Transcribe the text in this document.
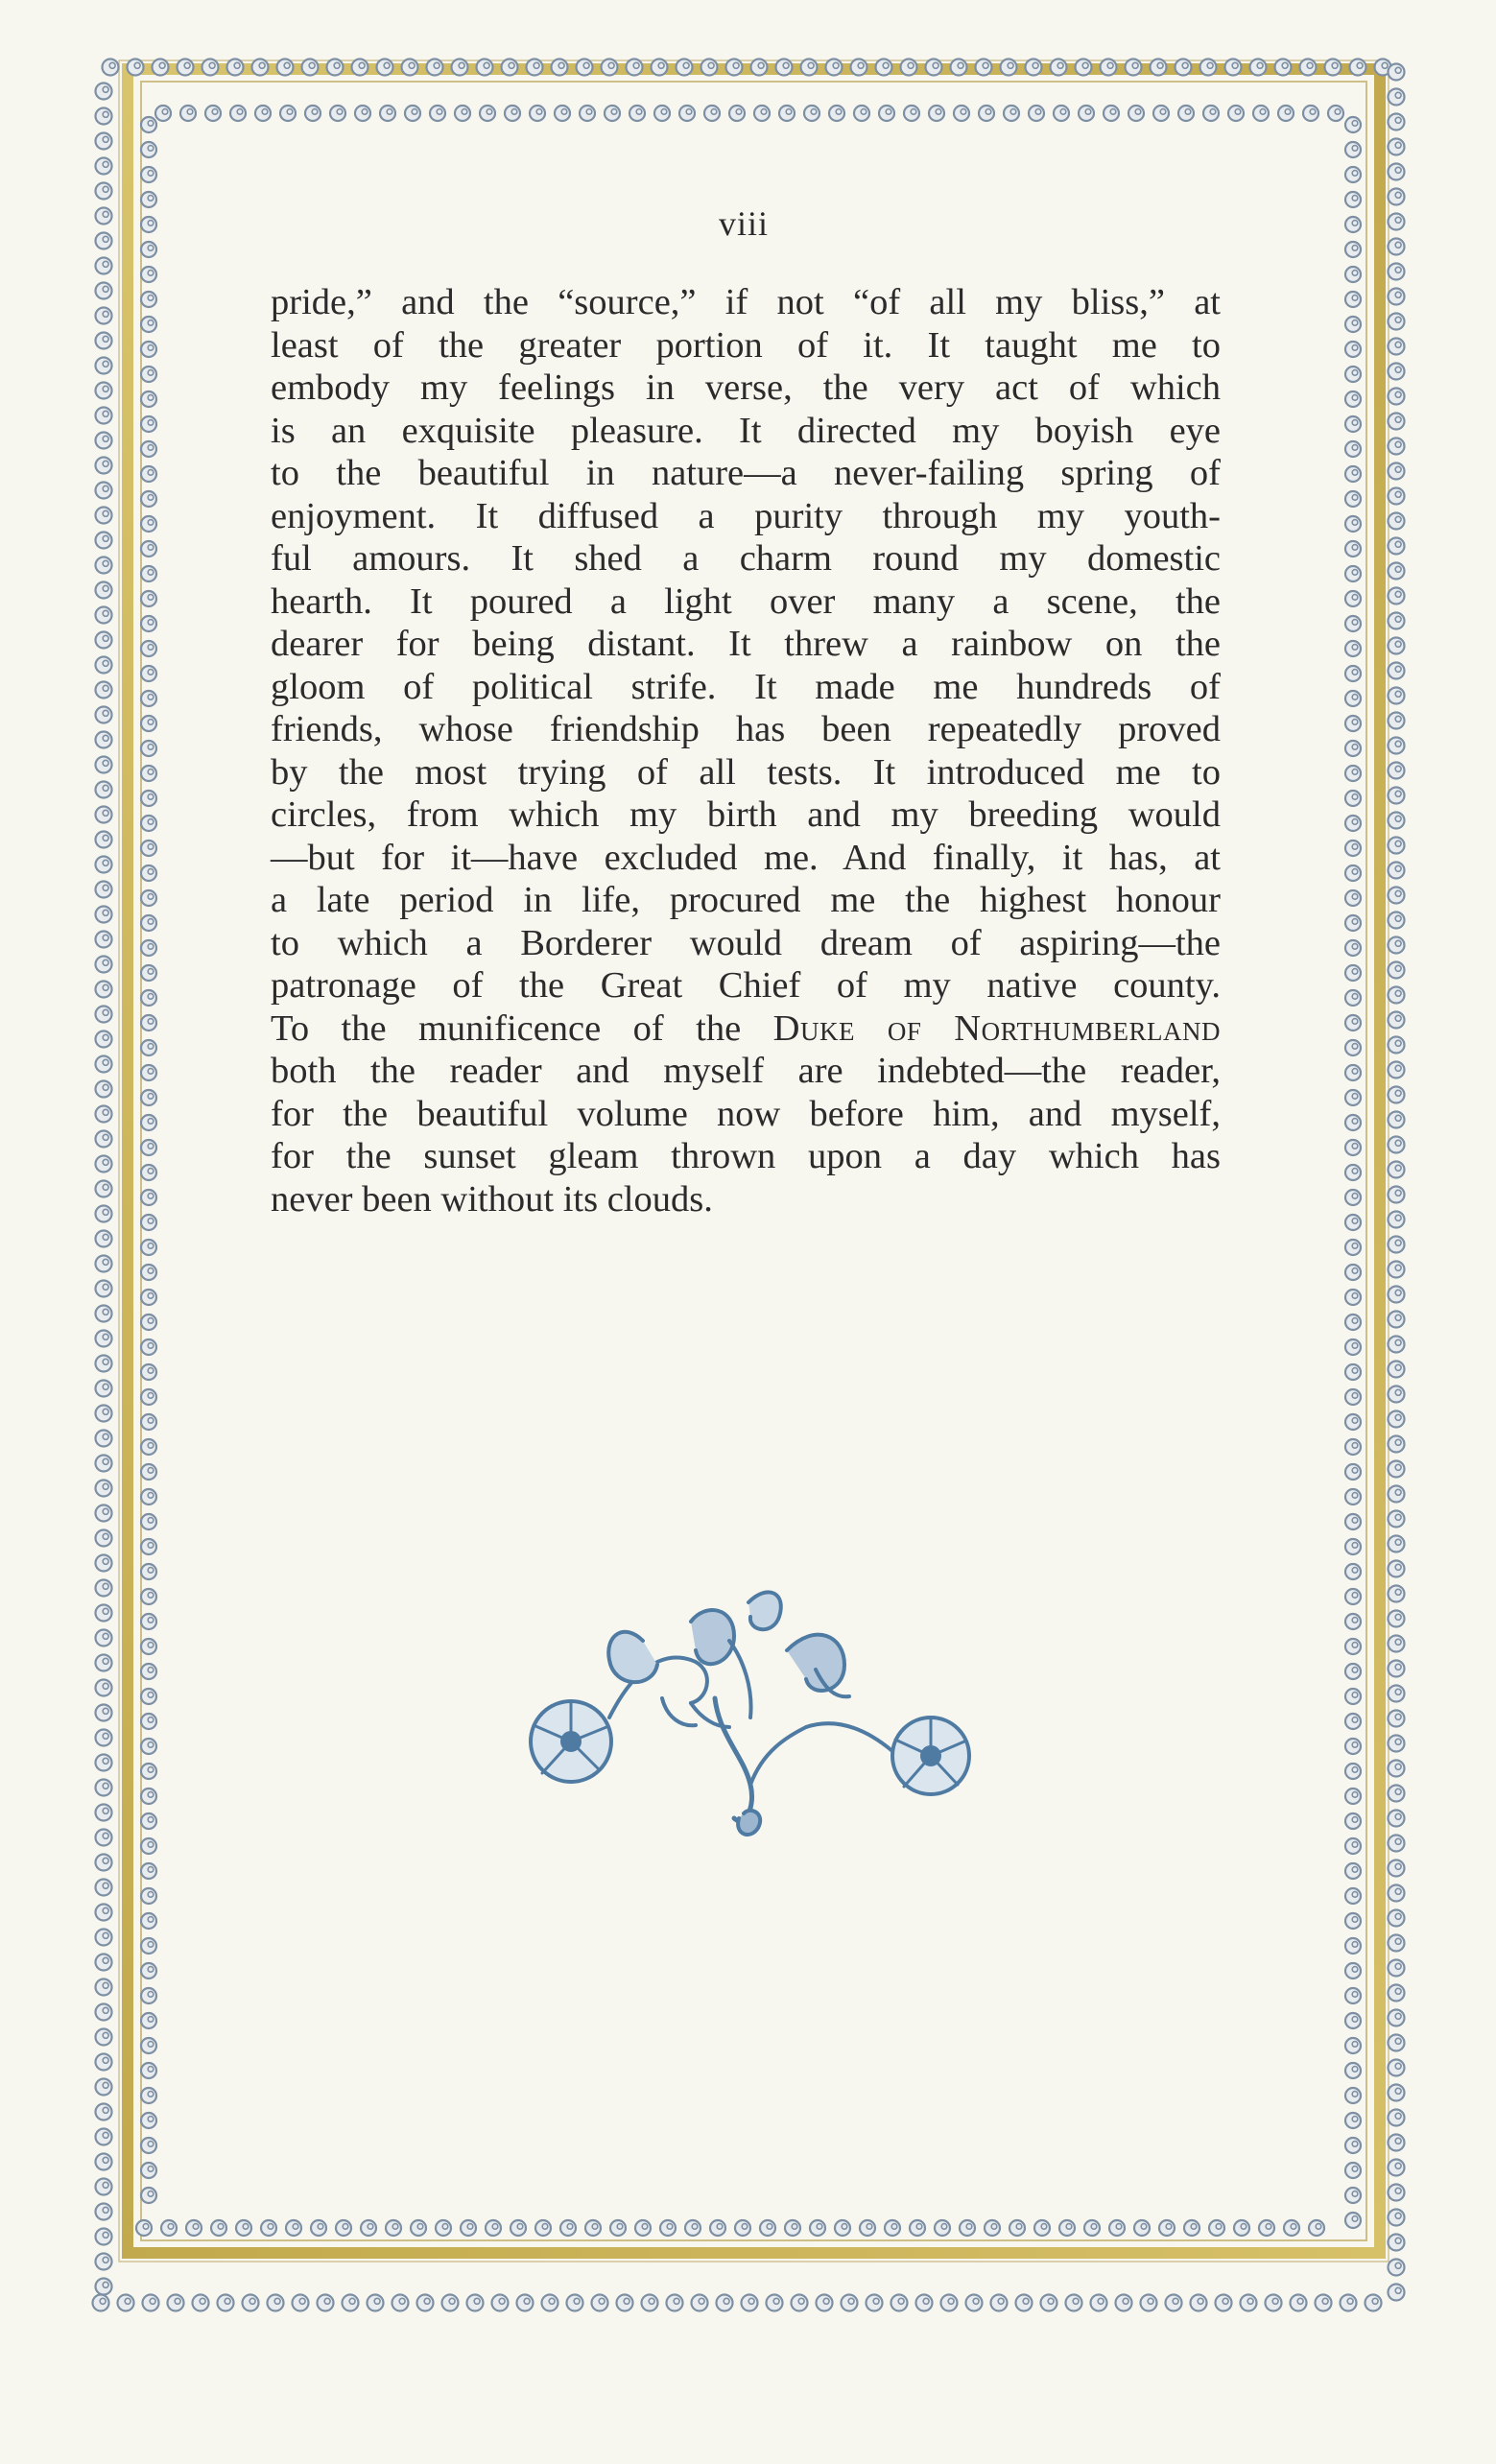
viii
pride,” and the “source,” if not “of all my bliss,” at
least of the greater portion of it. It taught me to
embody my feelings in verse, the very act of which
is an exquisite pleasure. It directed my boyish eye
to the beautiful in nature—a never-failing spring of
enjoyment. It diffused a purity through my youth-
ful amours. It shed a charm round my domestic
hearth. It poured a light over many a scene, the
dearer for being distant. It threw a rainbow on the
gloom of political strife. It made me hundreds of
friends, whose friendship has been repeatedly proved
by the most trying of all tests. It introduced me to
circles, from which my birth and my breeding would
—but for it—have excluded me. And finally, it has, at
a late period in life, procured me the highest honour
to which a Borderer would dream of aspiring—the
patronage of the Great Chief of my native county.
To the munificence of the Duke of Northumberland
both the reader and myself are indebted—the reader,
for the beautiful volume now before him, and myself,
for the sunset gleam thrown upon a day which has
never been without its clouds.
